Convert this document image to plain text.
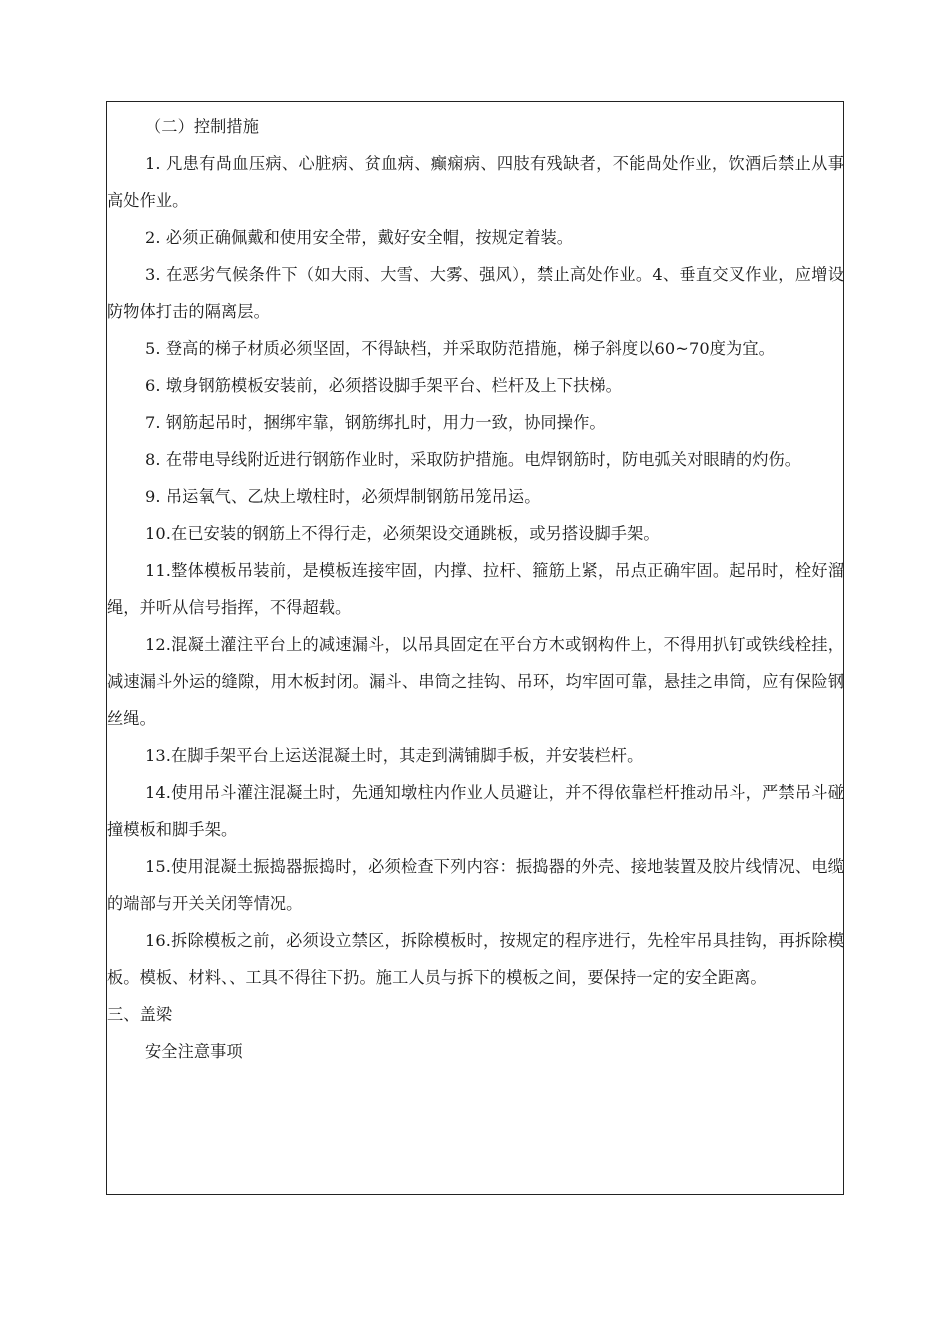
（二）控制措施

1. 凡患有咼血压病、心脏病、贫血病、癫痫病、四肢有残缺者，不能咼处作业，饮酒后禁止从事高处作业。

2. 必须正确佩戴和使用安全带，戴好安全帽，按规定着装。

3. 在恶劣气候条件下（如大雨、大雪、大雾、强风），禁止高处作业。4、垂直交叉作业，应增设防物体打击的隔离层。

5. 登高的梯子材质必须坚固，不得缺档，并采取防范措施，梯子斜度以60~70度为宜。

6. 墩身钢筋模板安装前，必须搭设脚手架平台、栏杆及上下扶梯。

7. 钢筋起吊时，捆绑牢靠，钢筋绑扎时，用力一致，协同操作。

8. 在带电导线附近进行钢筋作业时，采取防护措施。电焊钢筋时，防电弧关对眼睛的灼伤。

9. 吊运氧气、乙炔上墩柱时，必须焊制钢筋吊笼吊运。

10.在已安装的钢筋上不得行走，必须架设交通跳板，或另搭设脚手架。

11.整体模板吊装前，是模板连接牢固，内撑、拉杆、箍筋上紧，吊点正确牢固。起吊时，栓好溜绳，并听从信号指挥，不得超载。

12.混凝土灌注平台上的减速漏斗，以吊具固定在平台方木或钢构件上，不得用扒钉或铁线栓挂，减速漏斗外运的缝隙，用木板封闭。漏斗、串筒之挂钩、吊环，均牢固可靠，悬挂之串筒，应有保险钢丝绳。

13.在脚手架平台上运送混凝土时，其走到满铺脚手板，并安装栏杆。

14.使用吊斗灌注混凝土时，先通知墩柱内作业人员避让，并不得依靠栏杆推动吊斗，严禁吊斗碰撞模板和脚手架。

15.使用混凝土振捣器振捣时，必须检查下列内容：振捣器的外壳、接地装置及胶片线情况、电缆的端部与开关关闭等情况。

16.拆除模板之前，必须设立禁区，拆除模板时，按规定的程序进行，先栓牢吊具挂钩，再拆除模板。模板、材料、、工具不得往下扔。施工人员与拆下的模板之间，要保持一定的安全距离。

三、盖梁

安全注意事项
